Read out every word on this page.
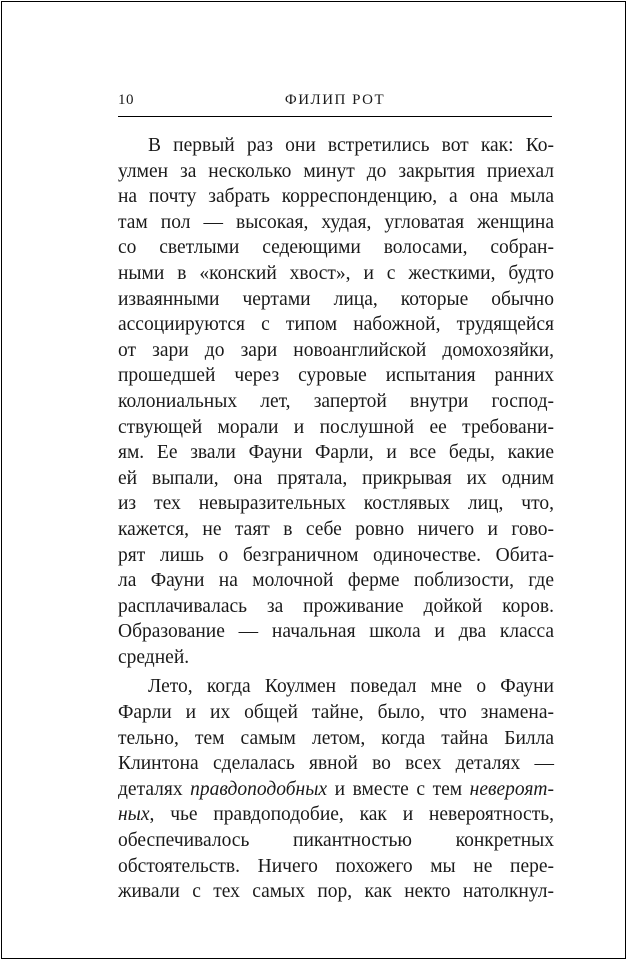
10	ФИЛИП РОТ
В первый раз они встретились вот как: Ко-
улмен за несколько минут до закрытия приехал
на почту забрать корреспонденцию, а она мыла
там пол — высокая, худая, угловатая женщина
со светлыми седеющими волосами, собран-
ными в «конский хвост», и с жесткими, будто
изваянными чертами лица, которые обычно
ассоциируются с типом набожной, трудящейся
от зари до зари новоанглийской домохозяйки,
прошедшей через суровые испытания ранних
колониальных лет, запертой внутри господ-
ствующей морали и послушной ее требовани-
ям. Ее звали Фауни Фарли, и все беды, какие
ей выпали, она прятала, прикрывая их одним
из тех невыразительных костлявых лиц, что,
кажется, не таят в себе ровно ничего и гово-
рят лишь о безграничном одиночестве. Обита-
ла Фауни на молочной ферме поблизости, где
расплачивалась за проживание дойкой коров.
Образование — начальная школа и два класса
средней.
Лето, когда Коулмен поведал мне о Фауни
Фарли и их общей тайне, было, что знамена-
тельно, тем самым летом, когда тайна Билла
Клинтона сделалась явной во всех деталях —
деталях правдоподобных и вместе с тем невероят-
ных, чье правдоподобие, как и невероятность,
обеспечивалось пикантностью конкретных
обстоятельств. Ничего похожего мы не пере-
живали с тех самых пор, как некто натолкнул-
